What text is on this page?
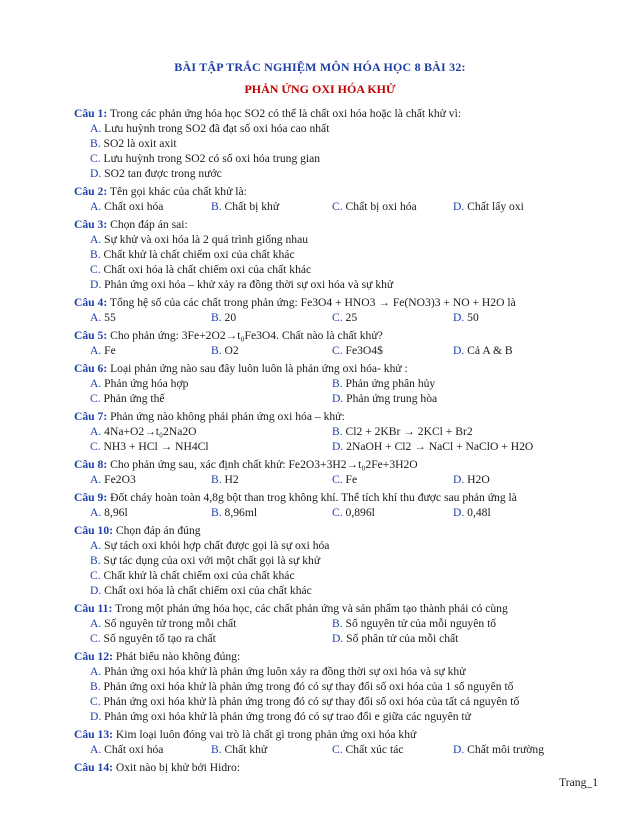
BÀI TẬP TRẮC NGHIỆM MÔN HÓA HỌC 8 BÀI 32:
PHẢN ỨNG OXI HÓA KHỬ
Câu 1: Trong các phản ứng hóa học SO2 có thể là chất oxi hóa hoặc là chất khử vì:
A. Lưu huỳnh trong SO2 đã đạt số oxi hóa cao nhất
B. SO2 là oxit axit
C. Lưu huỳnh trong SO2 có số oxi hóa trung gian
D. SO2 tan được trong nước
Câu 2: Tên gọi khác của chất khử là:
A. Chất oxi hóa	B. Chất bị khử	C. Chất bị oxi hóa	D. Chất lấy oxi
Câu 3: Chọn đáp án sai:
A. Sự khử và oxi hóa là 2 quá trình giống nhau
B. Chất khử là chất chiếm oxi của chất khác
C. Chất oxi hóa là chất chiếm oxi của chất khác
D. Phản ứng oxi hóa – khử xảy ra đồng thời sự oxi hóa và sự khử
Câu 4: Tổng hệ số của các chất trong phản ứng: Fe3O4 + HNO3 → Fe(NO3)3 + NO + H2O là
A. 55	B. 20	C. 25	D. 50
Câu 5: Cho phản ứng: 3Fe+2O2→t₀Fe3O4. Chất nào là chất khử?
A. Fe	B. O2	C. Fe3O4$	D. Cả A & B
Câu 6: Loại phản ứng nào sau đây luôn luôn là phản ứng oxi hóa- khử :
A. Phản ứng hóa hợp	B. Phản ứng phân hủy
C. Phản ứng thế	D. Phản ứng trung hòa
Câu 7: Phản ứng nào không phải phản ứng oxi hóa – khử:
A. 4Na+O2→t₀2Na2O	B. Cl2 + 2KBr → 2KCl + Br2
C. NH3 + HCl → NH4Cl	D. 2NaOH + Cl2 → NaCl + NaClO + H2O
Câu 8: Cho phản ứng sau, xác định chất khử: Fe2O3+3H2→t₀2Fe+3H2O
A. Fe2O3	B. H2	C. Fe	D. H2O
Câu 9: Đốt cháy hoàn toàn 4,8g bột than trog không khí. Thể tích khí thu được sau phản ứng là
A. 8,96l	B. 8,96ml	C. 0,896l	D. 0,48l
Câu 10: Chọn đáp án đúng
A. Sự tách oxi khỏi hợp chất được gọi là sự oxi hóa
B. Sự tác dụng của oxi với một chất gọi là sự khử
C. Chất khử là chất chiếm oxi của chất khác
D. Chất oxi hóa là chất chiếm oxi của chất khác
Câu 11: Trong một phản ứng hóa học, các chất phản ứng và sản phẩm tạo thành phải có cùng
A. Số nguyên tử trong mỗi chất	B. Số nguyên tử của mỗi nguyên tố
C. Số nguyên tố tạo ra chất	D. Số phân tử của mỗi chất
Câu 12: Phát biểu nào không đúng:
A. Phản ứng oxi hóa khử là phản ứng luôn xảy ra đồng thời sự oxi hóa và sự khử
B. Phản ứng oxi hóa khử là phản ứng trong đó có sự thay đổi số oxi hóa của 1 số nguyên tố
C. Phản ứng oxi hóa khử là phản ứng trong đó có sự thay đổi số oxi hóa của tất cả nguyên tố
D. Phản ứng oxi hóa khử là phản ứng trong đó có sự trao đổi e giữa các nguyên tử
Câu 13: Kim loại luôn đóng vai trò là chất gì trong phản ứng oxi hóa khử
A. Chất oxi hóa	B. Chất khử	C. Chất xúc tác	D. Chất môi trường
Câu 14: Oxit nào bị khử bởi Hidro:
Trang_1
